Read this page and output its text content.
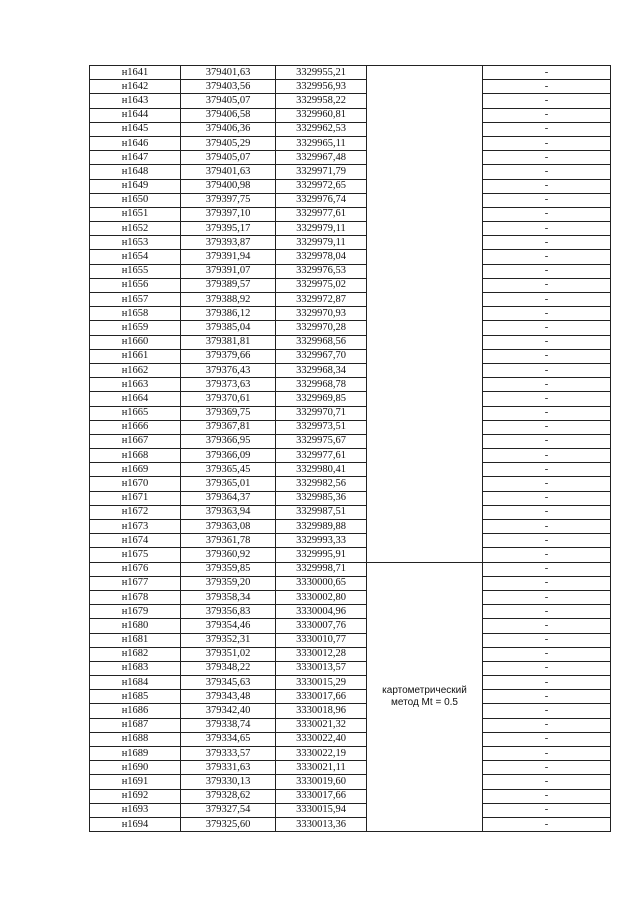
н1641	379401,63	3329955,21		-
н1642	379403,56	3329956,93		-
н1643	379405,07	3329958,22		-
н1644	379406,58	3329960,81		-
н1645	379406,36	3329962,53		-
н1646	379405,29	3329965,11		-
н1647	379405,07	3329967,48		-
н1648	379401,63	3329971,79		-
н1649	379400,98	3329972,65		-
н1650	379397,75	3329976,74		-
н1651	379397,10	3329977,61		-
н1652	379395,17	3329979,11		-
н1653	379393,87	3329979,11		-
н1654	379391,94	3329978,04		-
н1655	379391,07	3329976,53		-
н1656	379389,57	3329975,02		-
н1657	379388,92	3329972,87		-
н1658	379386,12	3329970,93		-
н1659	379385,04	3329970,28		-
н1660	379381,81	3329968,56		-
н1661	379379,66	3329967,70		-
н1662	379376,43	3329968,34		-
н1663	379373,63	3329968,78		-
н1664	379370,61	3329969,85		-
н1665	379369,75	3329970,71		-
н1666	379367,81	3329973,51		-
н1667	379366,95	3329975,67		-
н1668	379366,09	3329977,61		-
н1669	379365,45	3329980,41		-
н1670	379365,01	3329982,56		-
н1671	379364,37	3329985,36		-
н1672	379363,94	3329987,51		-
н1673	379363,08	3329989,88		-
н1674	379361,78	3329993,33		-
н1675	379360,92	3329995,91		-
н1676	379359,85	3329998,71	картометрический метод Mt = 0.5	-
н1677	379359,20	3330000,65		-
н1678	379358,34	3330002,80		-
н1679	379356,83	3330004,96		-
н1680	379354,46	3330007,76		-
н1681	379352,31	3330010,77		-
н1682	379351,02	3330012,28		-
н1683	379348,22	3330013,57		-
н1684	379345,63	3330015,29		-
н1685	379343,48	3330017,66		-
н1686	379342,40	3330018,96		-
н1687	379338,74	3330021,32		-
н1688	379334,65	3330022,40		-
н1689	379333,57	3330022,19		-
н1690	379331,63	3330021,11		-
н1691	379330,13	3330019,60		-
н1692	379328,62	3330017,66		-
н1693	379327,54	3330015,94		-
н1694	379325,60	3330013,36		-
